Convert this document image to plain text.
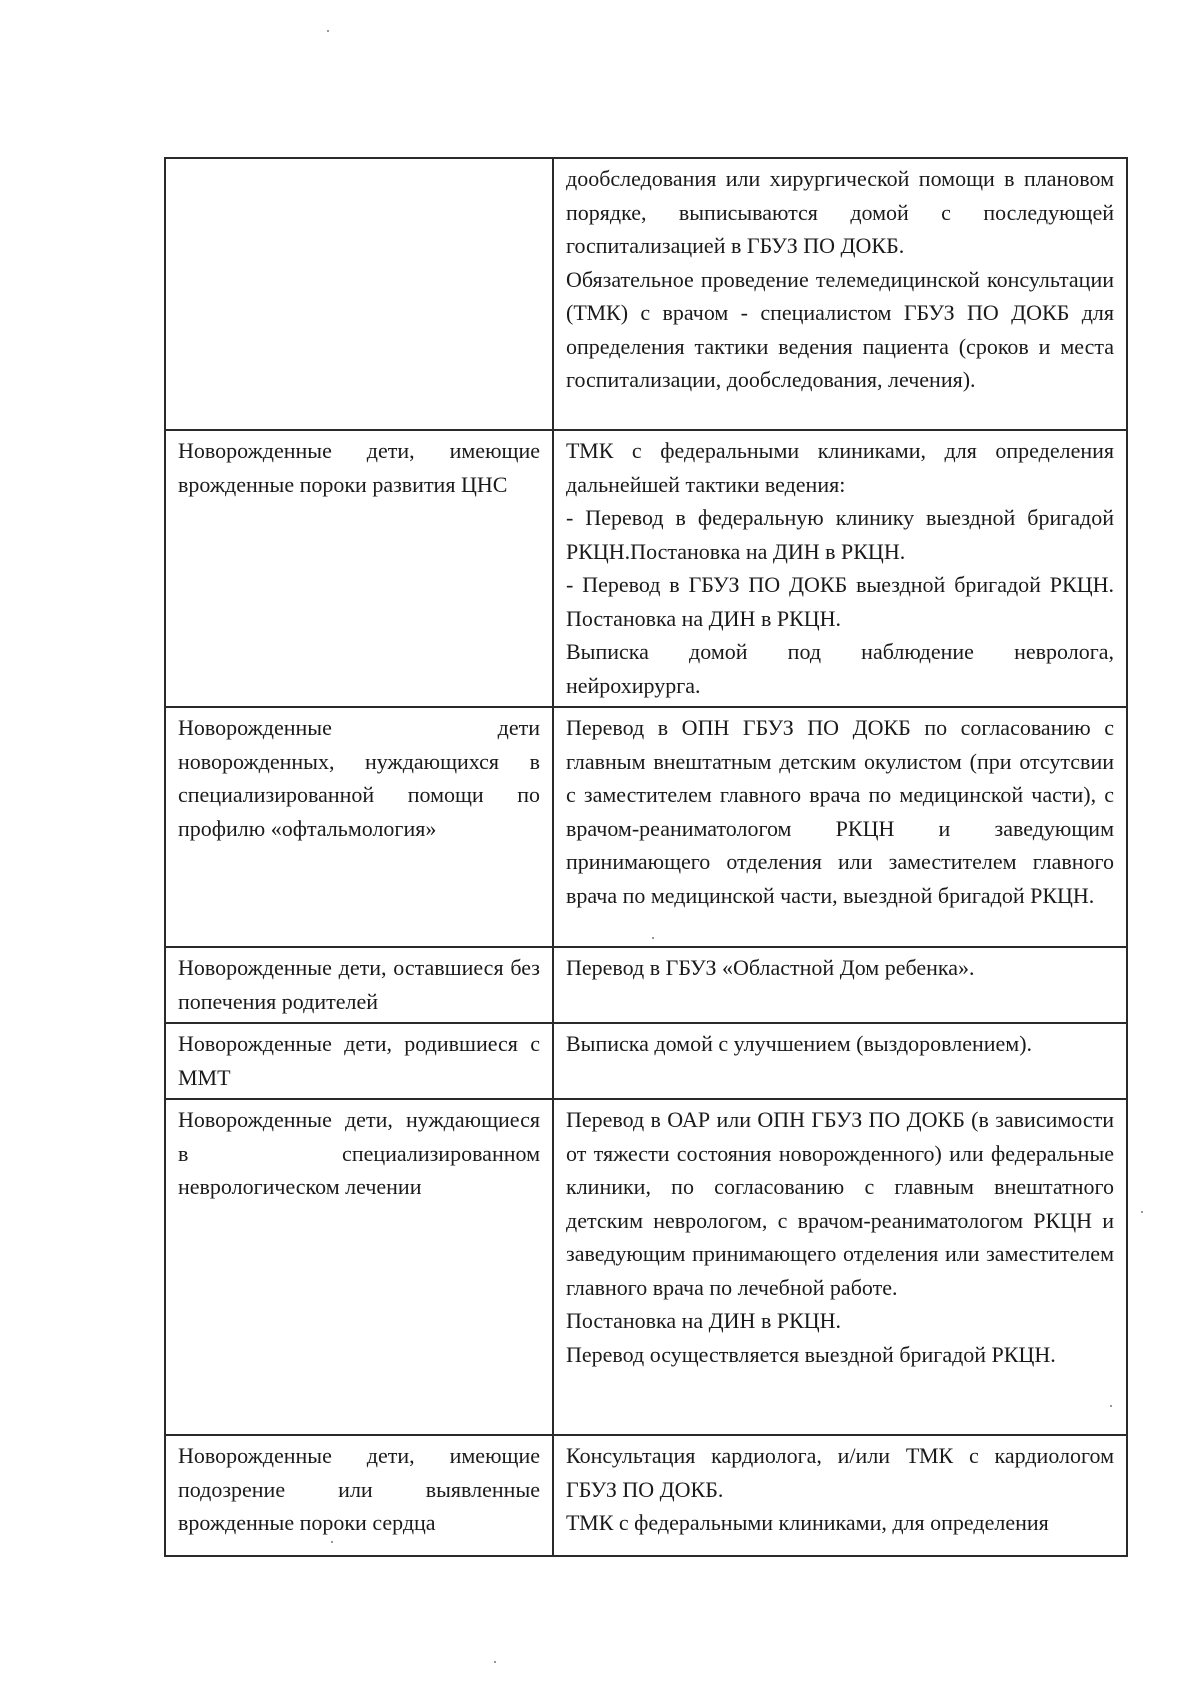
	дообследования или хирургической помощи в плановом порядке, выписываются домой с последующей госпитализацией в ГБУЗ ПО ДОКБ.
Обязательное проведение телемедицинской консультации (ТМК) с врачом - специалистом ГБУЗ ПО ДОКБ для определения тактики ведения пациента (сроков и места госпитализации, дообследования, лечения).

Новорожденные дети, имеющие врожденные пороки развития ЦНС	ТМК с федеральными клиниками, для определения дальнейшей тактики ведения:
- Перевод в федеральную клинику выездной бригадой РКЦН.Постановка на ДИН в РКЦН.
- Перевод в ГБУЗ ПО ДОКБ выездной бригадой РКЦН. Постановка на ДИН в РКЦН.
Выписка домой под наблюдение невролога, нейрохирурга.

Новорожденные дети новорожденных, нуждающихся в специализированной помощи по профилю «офтальмология»	Перевод в ОПН ГБУЗ ПО ДОКБ по согласованию с главным внештатным детским окулистом (при отсутсвии с заместителем главного врача по медицинской части), с врачом-реаниматологом РКЦН и заведующим принимающего отделения или заместителем главного врача по медицинской части, выездной бригадой РКЦН.

Новорожденные дети, оставшиеся без попечения родителей	Перевод в ГБУЗ «Областной Дом ребенка».

Новорожденные дети, родившиеся с ММТ	Выписка домой с улучшением (выздоровлением).

Новорожденные дети, нуждающиеся в специализированном неврологическом лечении	Перевод в ОАР или ОПН ГБУЗ ПО ДОКБ (в зависимости от тяжести состояния новорожденного) или федеральные клиники, по согласованию с главным внештатного детским неврологом, с врачом-реаниматологом РКЦН и заведующим принимающего отделения или заместителем главного врача по лечебной работе.
Постановка на ДИН в РКЦН.
Перевод осуществляется выездной бригадой РКЦН.

Новорожденные дети, имеющие подозрение или выявленные врожденные пороки сердца	Консультация кардиолога, и/или ТМК с кардиологом ГБУЗ ПО ДОКБ.
ТМК с федеральными клиниками, для определения
